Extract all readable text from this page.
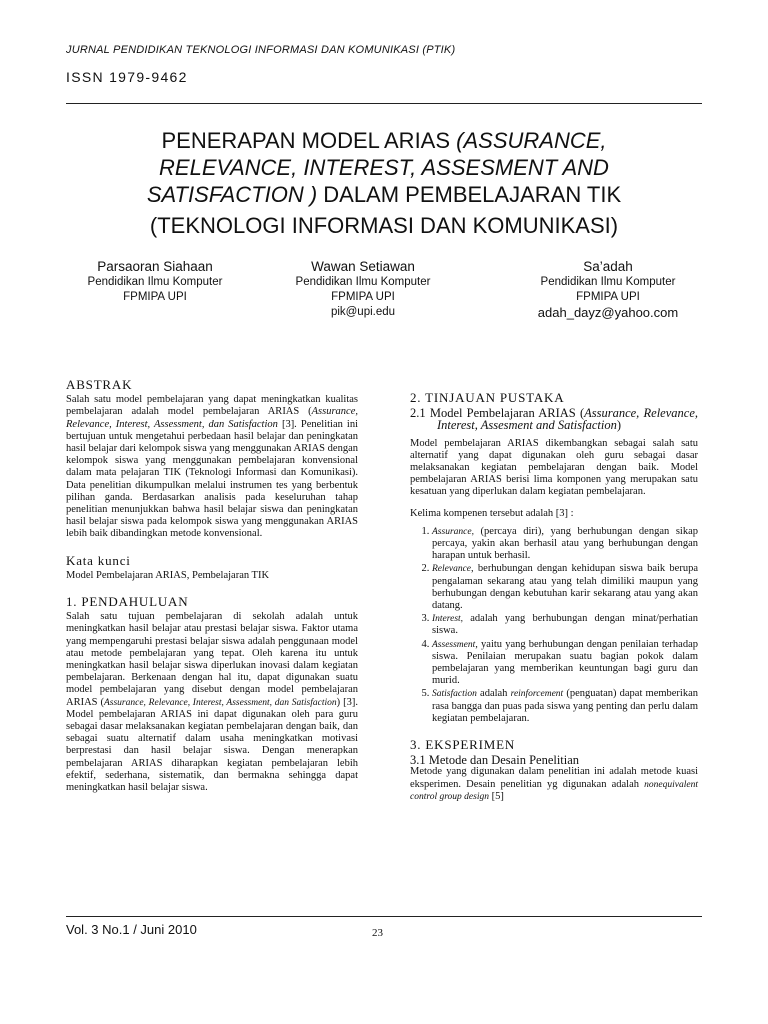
JURNAL PENDIDIKAN TEKNOLOGI INFORMASI DAN KOMUNIKASI (PTIK)
ISSN 1979-9462
PENERAPAN MODEL ARIAS (ASSURANCE,
RELEVANCE, INTEREST, ASSESMENT AND
SATISFACTION ) DALAM PEMBELAJARAN TIK
(TEKNOLOGI INFORMASI DAN KOMUNIKASI)
Parsaoran Siahaan
Pendidikan Ilmu Komputer
FPMIPA UPI
Wawan Setiawan
Pendidikan Ilmu Komputer
FPMIPA UPI
pik@upi.edu
Sa’adah
Pendidikan Ilmu Komputer
FPMIPA UPI
adah_dayz@yahoo.com
ABSTRAK

Salah satu model pembelajaran yang dapat meningkatkan kualitas pembelajaran adalah model pembelajaran ARIAS (Assurance, Relevance, Interest, Assessment, dan Satisfaction [3]. Penelitian ini bertujuan untuk mengetahui perbedaan hasil belajar dan peningkatan hasil belajar dari kelompok siswa yang menggunakan ARIAS dengan kelompok siswa yang menggunakan pembelajaran konvensional dalam mata pelajaran TIK (Teknologi Informasi dan Komunikasi). Data penelitian dikumpulkan melalui instrumen tes yang berbentuk pilihan ganda. Berdasarkan analisis pada keseluruhan tahap penelitian menunjukkan bahwa hasil belajar siswa dan peningkatan hasil belajar siswa pada kelompok siswa yang menggunakan ARIAS lebih baik dibandingkan metode konvensional.

Kata kunci

Model Pembelajaran ARIAS, Pembelajaran TIK

1. PENDAHULUAN

Salah satu tujuan pembelajaran di sekolah adalah untuk meningkatkan hasil belajar atau prestasi belajar siswa. Faktor utama yang mempengaruhi prestasi belajar siswa adalah penggunaan model atau metode pembelajaran yang tepat. Oleh karena itu untuk meningkatkan hasil belajar siswa diperlukan inovasi dalam kegiatan pembelajaran. Berkenaan dengan hal itu, dapat digunakan suatu model pembelajaran yang disebut dengan model pembelajaran ARIAS (Assurance, Relevance, Interest, Assessment, dan Satisfaction) [3]. Model pembelajaran ARIAS ini dapat digunakan oleh para guru sebagai dasar melaksanakan kegiatan pembelajaran dengan baik, dan sebagai suatu alternatif dalam usaha meningkatkan motivasi berprestasi dan hasil belajar siswa. Dengan menerapkan pembelajaran ARIAS diharapkan kegiatan pembelajaran lebih efektif, sederhana, sistematik, dan bermakna sehingga dapat meningkatkan hasil belajar siswa.

2. TINJAUAN PUSTAKA
2.1 Model Pembelajaran ARIAS (Assurance, Relevance, Interest, Assesment and Satisfaction)

Model pembelajaran ARIAS dikembangkan sebagai salah satu alternatif yang dapat digunakan oleh guru sebagai dasar melaksanakan kegiatan pembelajaran dengan baik. Model pembelajaran ARIAS berisi lima komponen yang merupakan satu kesatuan yang diperlukan dalam kegiatan pembelajaran.

Kelima kompenen tersebut adalah [3] :

1. Assurance, (percaya diri), yang berhubungan dengan sikap percaya, yakin akan berhasil atau yang berhubungan dengan harapan untuk berhasil.
2. Relevance, berhubungan dengan kehidupan siswa baik berupa pengalaman sekarang atau yang telah dimiliki maupun yang berhubungan dengan kebutuhan karir sekarang atau yang akan datang.
3. Interest, adalah yang berhubungan dengan minat/perhatian siswa.
4. Assessment, yaitu yang berhubungan dengan penilaian terhadap siswa. Penilaian merupakan suatu bagian pokok dalam pembelajaran yang memberikan keuntungan bagi guru dan murid.
5. Satisfaction adalah reinforcement (penguatan) dapat memberikan rasa bangga dan puas pada siswa yang penting dan perlu dalam kegiatan pembelajaran.
3. EKSPERIMEN
3.1 Metode dan Desain Penelitian

Metode yang digunakan dalam penelitian ini adalah metode kuasi eksperimen. Desain penelitian yg digunakan adalah nonequivalent control group design [5]

Vol. 3 No.1 / Juni 2010	23
